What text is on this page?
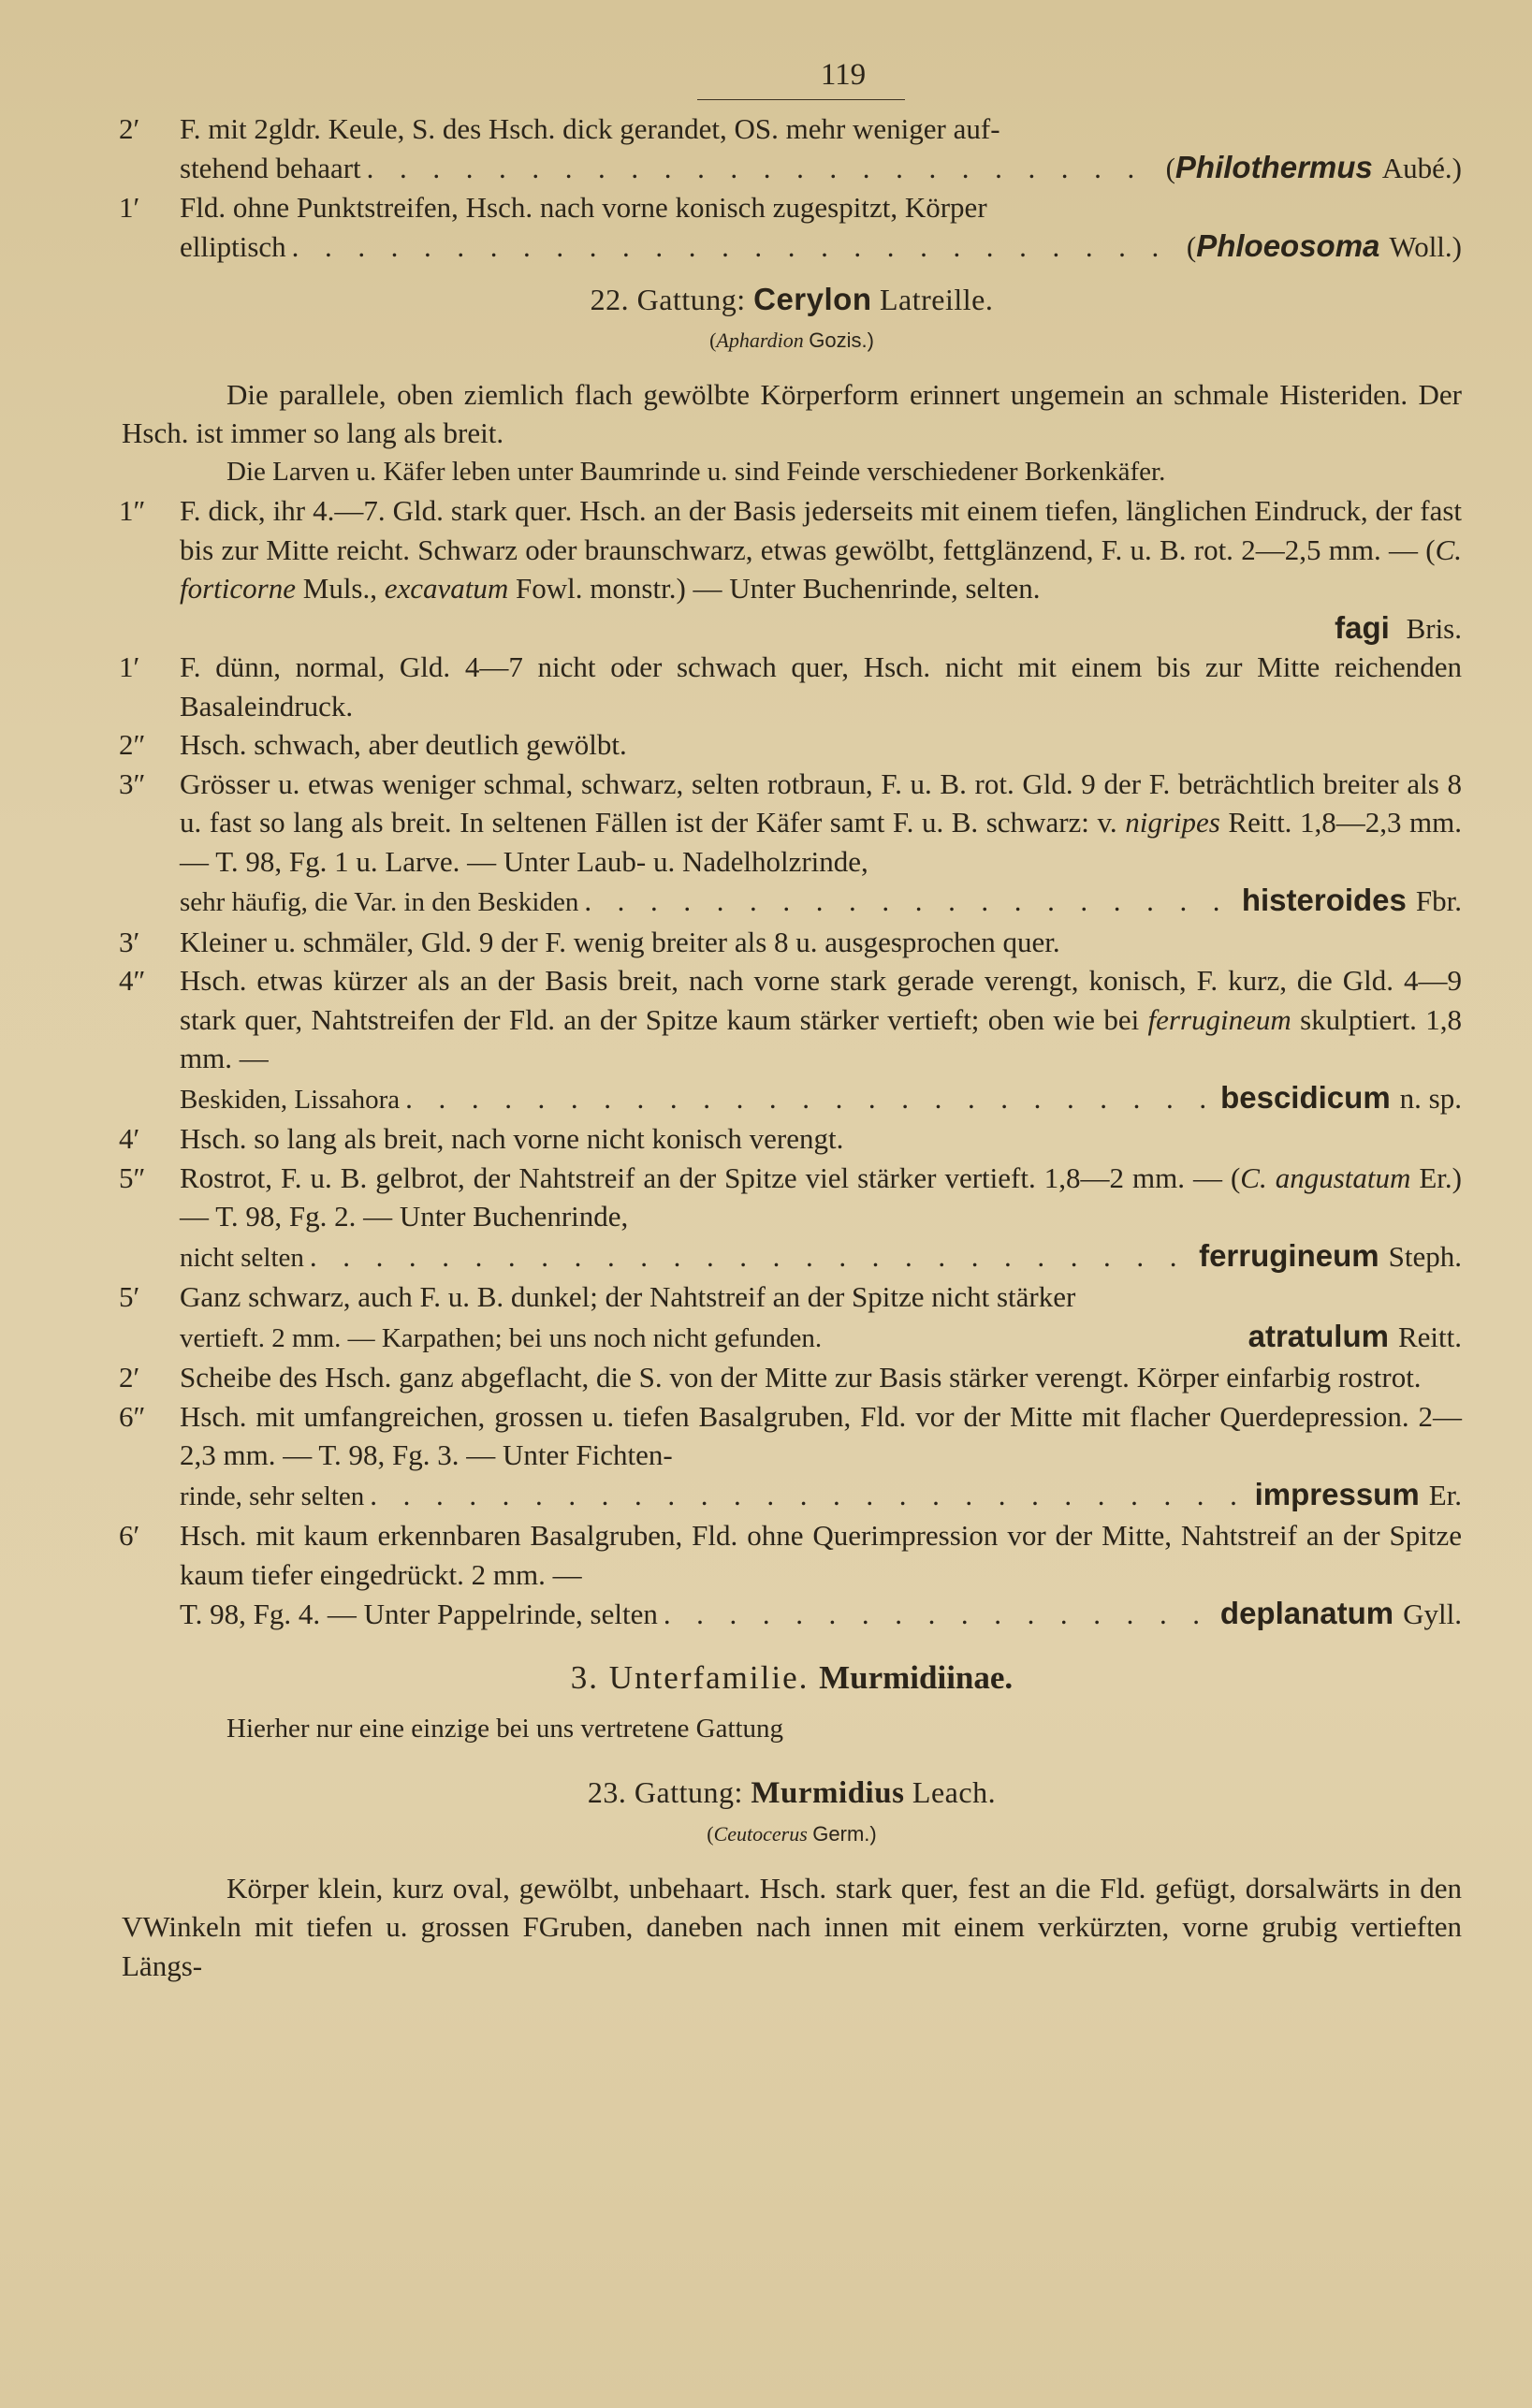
119
2′	F. mit 2gldr. Keule, S. des Hsch. dick gerandet, OS. mehr weniger auf-

stehend behaart . . .	( Philothermus Aubé.)
1′	Fld. ohne Punktstreifen, Hsch. nach vorne konisch zugespitzt, Körper

elliptisch . . .	( Phloeosoma Woll.)
22. Gattung: Cerylon Latreille.
(Aphardion Gozis.)

Die parallele, oben ziemlich flach gewölbte Körperform erinnert ungemein an schmale Histeriden. Der Hsch. ist immer so lang als breit.

Die Larven u. Käfer leben unter Baumrinde u. sind Feinde verschiedener Borkenkäfer.

1″	F. dick, ihr 4.—7. Gld. stark quer. Hsch. an der Basis jederseits mit einem tiefen, länglichen Eindruck, der fast bis zur Mitte reicht. Schwarz oder braunschwarz, etwas gewölbt, fettglänzend, F. u. B. rot. 2—2,5 mm. — (C. forticorne Muls., excavatum Fowl. monstr.) — Unter Buchenrinde, selten.

fagi Bris.
1′	F. dünn, normal, Gld. 4—7 nicht oder schwach quer, Hsch. nicht mit einem bis zur Mitte reichenden Basaleindruck.

2″	Hsch. schwach, aber deutlich gewölbt.

3″	Grösser u. etwas weniger schmal, schwarz, selten rotbraun, F. u. B. rot. Gld. 9 der F. beträchtlich breiter als 8 u. fast so lang als breit. In seltenen Fällen ist der Käfer samt F. u. B. schwarz: v. nigripes Reitt. 1,8—2,3 mm. — T. 98, Fg. 1 u. Larve. — Unter Laub- u. Nadelholzrinde,

sehr häufig, die Var. in den Beskiden . . .	histeroides Fbr.
3′	Kleiner u. schmäler, Gld. 9 der F. wenig breiter als 8 u. ausgesprochen quer.

4″	Hsch. etwas kürzer als an der Basis breit, nach vorne stark gerade verengt, konisch, F. kurz, die Gld. 4—9 stark quer, Nahtstreifen der Fld. an der Spitze kaum stärker vertieft; oben wie bei ferrugineum skulptiert. 1,8 mm. —

Beskiden, Lissahora . . .	bescidicum n. sp.
4′	Hsch. so lang als breit, nach vorne nicht konisch verengt.

5″	Rostrot, F. u. B. gelbrot, der Nahtstreif an der Spitze viel stärker vertieft. 1,8—2 mm. — (C. angustatum Er.) — T. 98, Fg. 2. — Unter Buchenrinde,

nicht selten . . .	ferrugineum Steph.
5′	Ganz schwarz, auch F. u. B. dunkel; der Nahtstreif an der Spitze nicht stärker

vertieft. 2 mm. — Karpathen; bei uns noch nicht gefunden.	atratulum Reitt.
2′	Scheibe des Hsch. ganz abgeflacht, die S. von der Mitte zur Basis stärker verengt. Körper einfarbig rostrot.

6″	Hsch. mit umfangreichen, grossen u. tiefen Basalgruben, Fld. vor der Mitte mit flacher Querdepression. 2—2,3 mm. — T. 98, Fg. 3. — Unter Fichten-

rinde, sehr selten . . .	impressum Er.
6′	Hsch. mit kaum erkennbaren Basalgruben, Fld. ohne Querimpression vor der Mitte, Nahtstreif an der Spitze kaum tiefer eingedrückt. 2 mm. —

T. 98, Fg. 4. — Unter Pappelrinde, selten . . .	deplanatum Gyll.
3. Unterfamilie. Murmidiinae.
Hierher nur eine einzige bei uns vertretene Gattung
23. Gattung: Murmidius Leach.
(Ceutocerus Germ.)

Körper klein, kurz oval, gewölbt, unbehaart. Hsch. stark quer, fest an die Fld. gefügt, dorsalwärts in den VWinkeln mit tiefen u. grossen FGruben, daneben nach innen mit einem verkürzten, vorne grubig vertieften Längs-
